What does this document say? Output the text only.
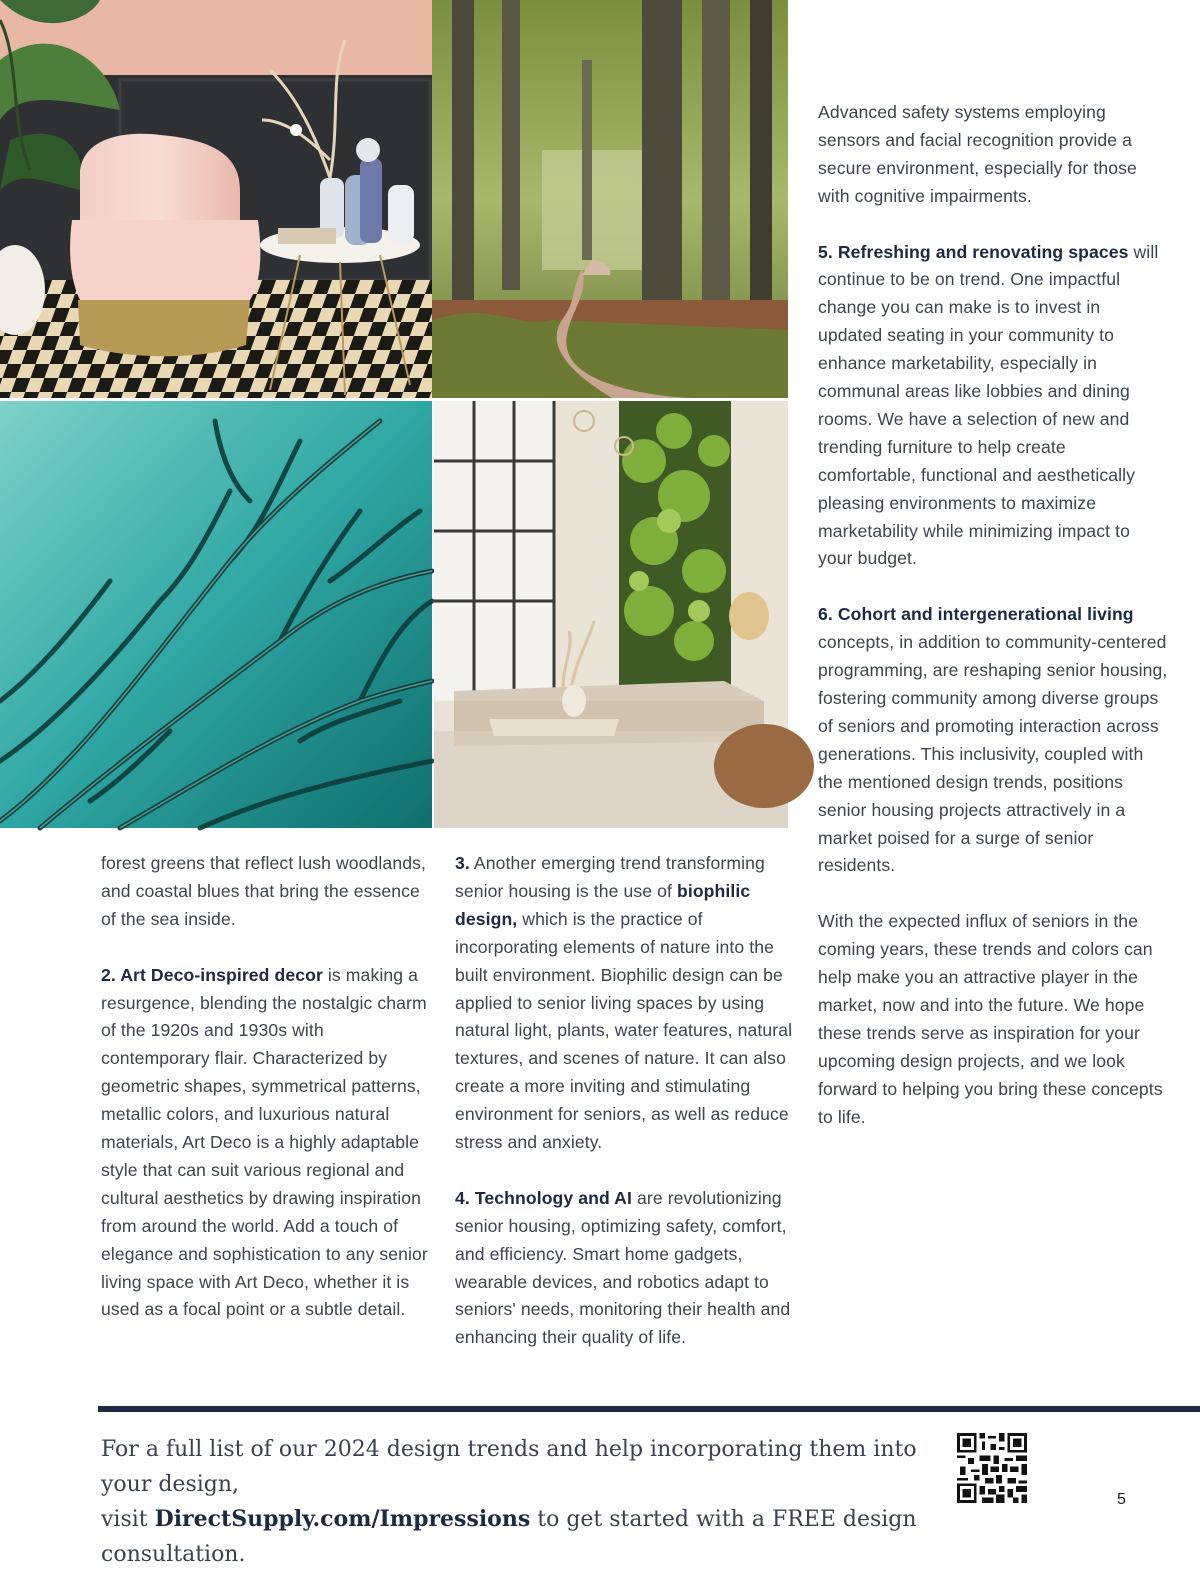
Advanced safety systems employing sensors and facial recognition provide a secure environment, especially for those with cognitive impairments.

5. Refreshing and renovating spaces will continue to be on trend. One impactful change you can make is to invest in updated seating in your community to enhance marketability, especially in communal areas like lobbies and dining rooms. We have a selection of new and trending furniture to help create comfortable, functional and aesthetically pleasing environments to maximize marketability while minimizing impact to your budget.

6. Cohort and intergenerational living concepts, in addition to community-centered programming, are reshaping senior housing, fostering community among diverse groups of seniors and promoting interaction across generations. This inclusivity, coupled with the mentioned design trends, positions senior housing projects attractively in a market poised for a surge of senior residents.

With the expected influx of seniors in the coming years, these trends and colors can help make you an attractive player in the market, now and into the future. We hope these trends serve as inspiration for your upcoming design projects, and we look forward to helping you bring these concepts to life.

forest greens that reflect lush woodlands, and coastal blues that bring the essence of the sea inside.

2. Art Deco-inspired decor is making a resurgence, blending the nostalgic charm of the 1920s and 1930s with contemporary flair. Characterized by geometric shapes, symmetrical patterns, metallic colors, and luxurious natural materials, Art Deco is a highly adaptable style that can suit various regional and cultural aesthetics by drawing inspiration from around the world. Add a touch of elegance and sophistication to any senior living space with Art Deco, whether it is used as a focal point or a subtle detail.

3. Another emerging trend transforming senior housing is the use of biophilic design, which is the practice of incorporating elements of nature into the built environment. Biophilic design can be applied to senior living spaces by using natural light, plants, water features, natural textures, and scenes of nature. It can also create a more inviting and stimulating environment for seniors, as well as reduce stress and anxiety.

4. Technology and AI are revolutionizing senior housing, optimizing safety, comfort, and efficiency. Smart home gadgets, wearable devices, and robotics adapt to seniors' needs, monitoring their health and enhancing their quality of life.

For a full list of our 2024 design trends and help incorporating them into your design,
visit DirectSupply.com/Impressions to get started with a FREE design consultation.
5
